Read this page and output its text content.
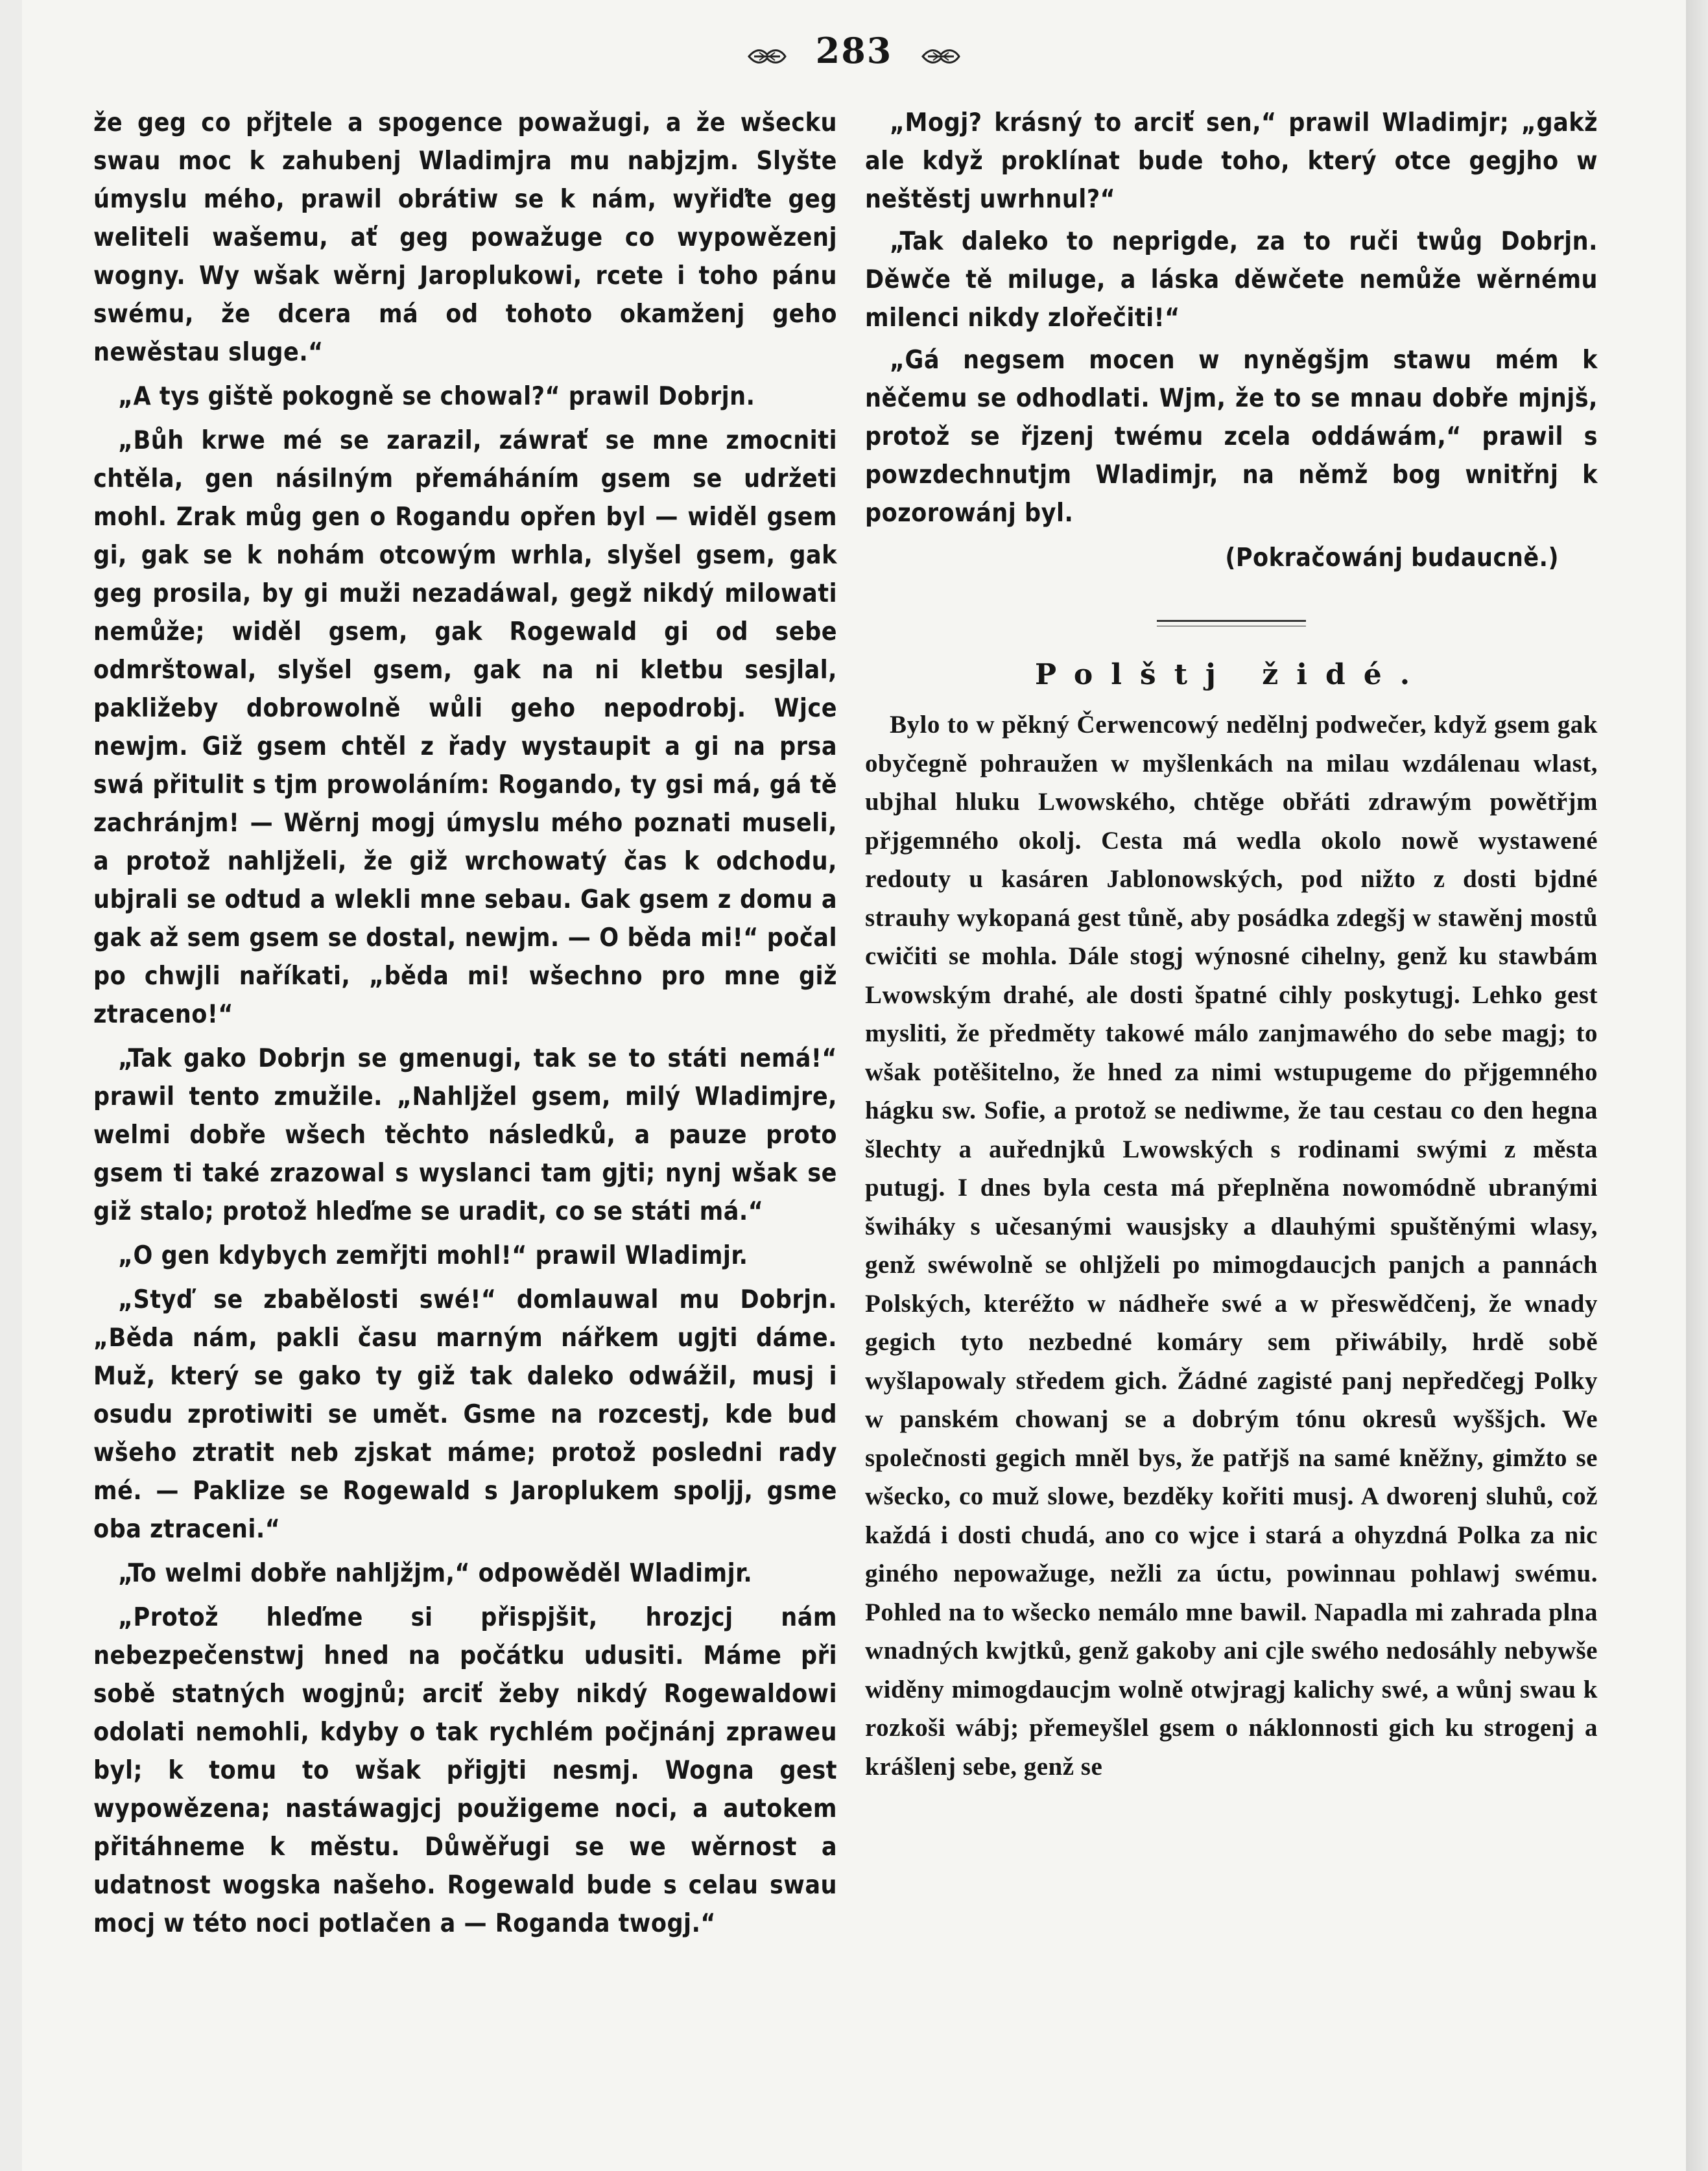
283

že geg co přjtele a spogence powažugi, a že wšecku swau moc k zahubenj Wladimjra mu nabjzjm. Slyšte úmyslu mého, prawil obrátiw se k nám, wyřiďte geg weliteli wašemu, ať geg powažuge co wypowězenj wogny. Wy wšak wěrnj Jaroplukowi, rcete i toho pánu swému, že dcera má od tohoto okamženj geho newěstau sluge.“

„A tys giště pokogně se chowal?“ prawil Dobrjn.

„Bůh krwe mé se zarazil, záwrať se mne zmocniti chtěla, gen násilným přemáháním gsem se udržeti mohl. Zrak můg gen o Rogandu opřen byl — widěl gsem gi, gak se k nohám otcowým wrhla, slyšel gsem, gak geg prosila, by gi muži nezadáwal, gegž nikdý milowati nemůže; widěl gsem, gak Rogewald gi od sebe odmrštowal, slyšel gsem, gak na ni kletbu sesjlal, pakližeby dobrowolně wůli geho nepodrobj. Wjce newjm. Giž gsem chtěl z řady wystaupit a gi na prsa swá přitulit s tjm prowoláním: Rogando, ty gsi má, gá tě zachránjm! — Wěrnj mogj úmyslu mého poznati museli, a protož nahljželi, že giž wrchowatý čas k odchodu, ubjrali se odtud a wlekli mne sebau. Gak gsem z domu a gak až sem gsem se dostal, newjm. — O běda mi!“ počal po chwjli naříkati, „běda mi! wšechno pro mne giž ztraceno!“

„Tak gako Dobrjn se gmenugi, tak se to státi nemá!“ prawil tento zmužile. „Nahljžel gsem, milý Wladimjre, welmi dobře wšech těchto následků, a pauze proto gsem ti také zrazowal s wyslanci tam gjti; nynj wšak se giž stalo; protož hleďme se uradit, co se státi má.“

„O gen kdybych zemřjti mohl!“ prawil Wladimjr.

„Styď se zbabělosti swé!“ domlauwal mu Dobrjn. „Běda nám, pakli času marným nářkem ugjti dáme. Muž, který se gako ty giž tak daleko odwážil, musj i osudu zprotiwiti se umět. Gsme na rozcestj, kde bud wšeho ztratit neb zjskat máme; protož posledni rady mé. — Paklize se Rogewald s Jaroplukem spoljj, gsme oba ztraceni.“

„To welmi dobře nahljžjm,“ odpowěděl Wladimjr.

„Protož hleďme si přispjšit, hrozjcj nám nebezpečenstwj hned na počátku udusiti. Máme při sobě statných wogjnů; arciť žeby nikdý Rogewaldowi odolati nemohli, kdyby o tak rychlém počjnánj zpraweu byl; k tomu to wšak přigjti nesmj. Wogna gest wypowězena; nastáwagjcj použigeme noci, a autokem přitáhneme k městu. Důwěřugi se we wěrnost a udatnost wogska našeho. Rogewald bude s celau swau mocj w této noci potlačen a — Roganda twogj.“

„Mogj? krásný to arciť sen,“ prawil Wladimjr; „gakž ale když proklínat bude toho, který otce gegjho w neštěstj uwrhnul?“

„Tak daleko to neprigde, za to ruči twůg Dobrjn. Děwče tě miluge, a láska děwčete nemůže wěrnému milenci nikdy zlořečiti!“

„Gá negsem mocen w nyněgšjm stawu mém k něčemu se odhodlati. Wjm, že to se mnau dobře mjnjš, protož se řjzenj twému zcela oddáwám,“ prawil s powzdechnutjm Wladimjr, na němž bog wnitřnj k pozorowánj byl.

(Pokračowánj budaucně.)
Polštj židé.

Bylo to w pěkný Čerwencowý nedělnj podwečer, když gsem gak obyčegně pohraužen w myšlenkách na milau wzdálenau wlast, ubjhal hluku Lwowského, chtěge obřáti zdrawým powětřjm přjgemného okolj. Cesta má wedla okolo nowě wystawené redouty u kasáren Jablonowských, pod nižto z dosti bjdné strauhy wykopaná gest tůně, aby posádka zdegšj w stawěnj mostů cwičiti se mohla. Dále stogj wýnosné cihelny, genž ku stawbám Lwowským drahé, ale dosti špatné cihly poskytugj. Lehko gest mysliti, že předměty takowé málo zanjmawého do sebe magj; to wšak potěšitelno, že hned za nimi wstupugeme do přjgemného hágku sw. Sofie, a protož se nediwme, že tau cestau co den hegna šlechty a auřednjků Lwowských s rodinami swými z města putugj. I dnes byla cesta má přeplněna nowomódně ubranými šwiháky s učesanými wausjsky a dlauhými spuštěnými wlasy, genž swéwolně se ohljželi po mimogdaucjch panjch a pannách Polských, kteréžto w nádheře swé a w přeswědčenj, že wnady gegich tyto nezbedné komáry sem přiwábily, hrdě sobě wyšlapowaly středem gich. Žádné zagisté panj nepředčegj Polky w panském chowanj se a dobrým tónu okresů wyššjch. We společnosti gegich mněl bys, že patřjš na samé kněžny, gimžto se wšecko, co muž slowe, bezděky kořiti musj. A dworenj sluhů, což každá i dosti chudá, ano co wjce i stará a ohyzdná Polka za nic giného nepowažuge, nežli za úctu, powinnau pohlawj swému. Pohled na to wšecko nemálo mne bawil. Napadla mi zahrada plna wnadných kwjtků, genž gakoby ani cjle swého nedosáhly nebywše widěny mimogdaucjm wolně otwjragj kalichy swé, a wůnj swau k rozkoši wábj; přemeyšlel gsem o náklonnosti gich ku strogenj a krášlenj sebe, genž se
